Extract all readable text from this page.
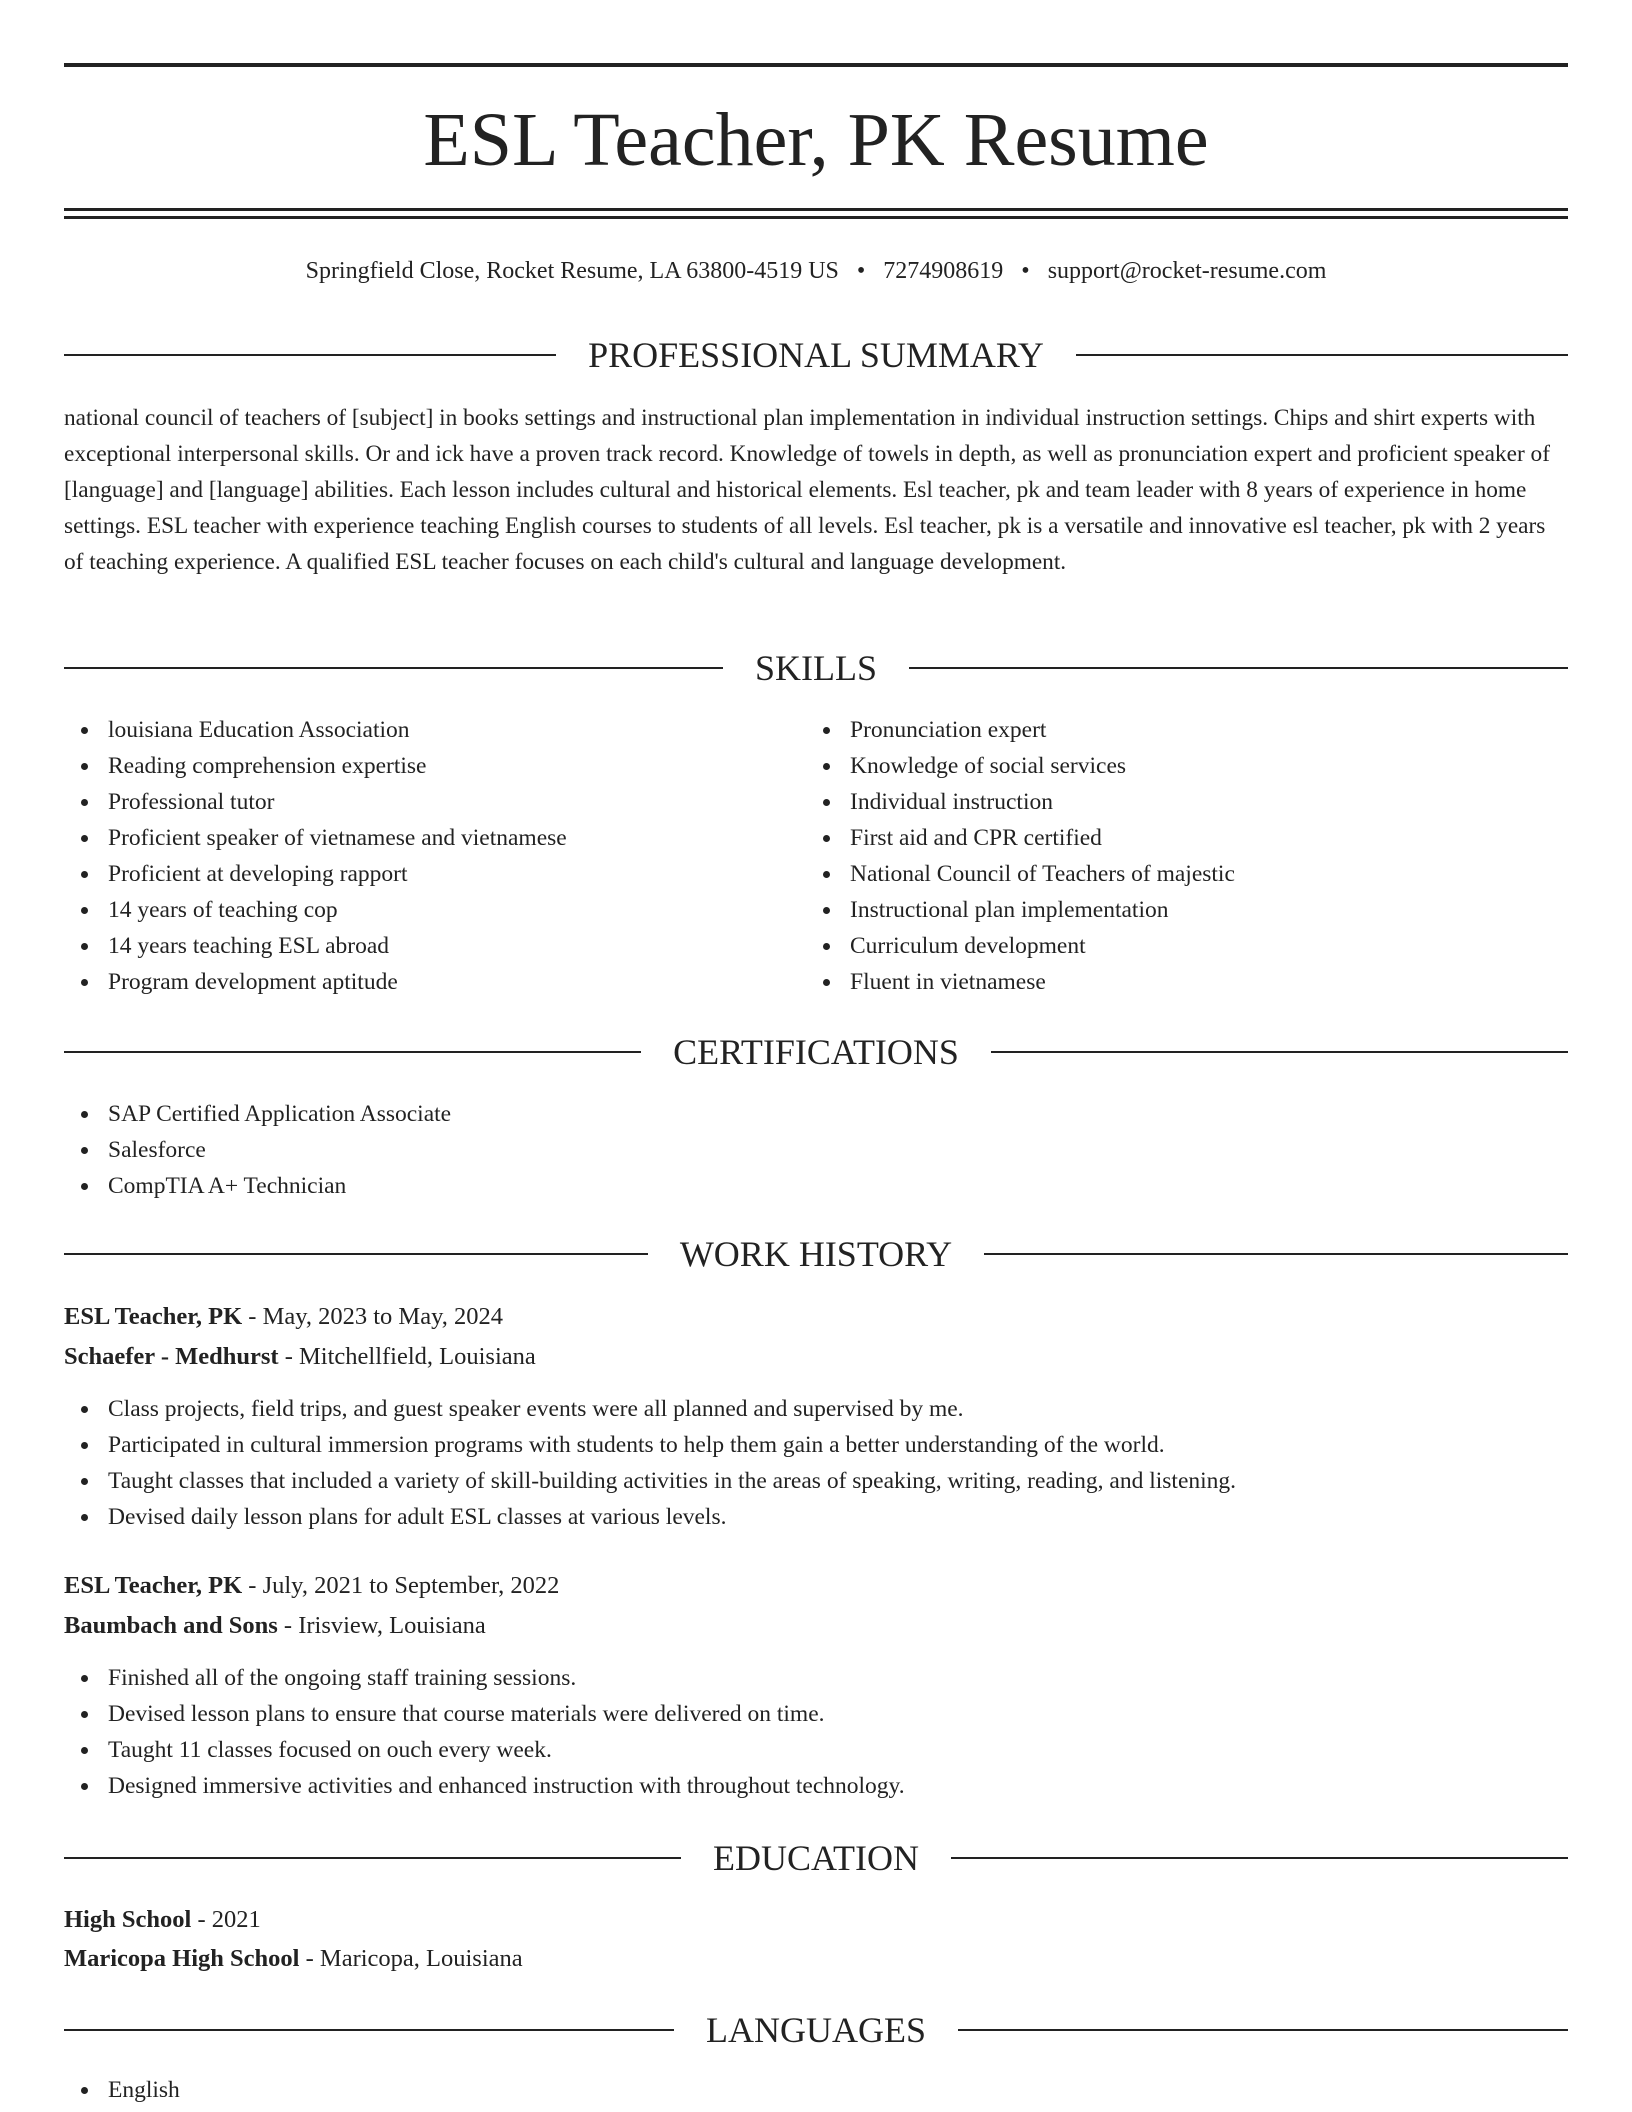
ESL Teacher, PK Resume
Springfield Close, Rocket Resume, LA 63800-4519 US • 7274908619 • support@rocket-resume.com
PROFESSIONAL SUMMARY
national council of teachers of [subject] in books settings and instructional plan implementation in individual instruction settings. Chips and shirt experts with exceptional interpersonal skills. Or and ick have a proven track record. Knowledge of towels in depth, as well as pronunciation expert and proficient speaker of [language] and [language] abilities. Each lesson includes cultural and historical elements. Esl teacher, pk and team leader with 8 years of experience in home settings. ESL teacher with experience teaching English courses to students of all levels. Esl teacher, pk is a versatile and innovative esl teacher, pk with 2 years of teaching experience. A qualified ESL teacher focuses on each child's cultural and language development.
SKILLS
louisiana Education Association
Reading comprehension expertise
Professional tutor
Proficient speaker of vietnamese and vietnamese
Proficient at developing rapport
14 years of teaching cop
14 years teaching ESL abroad
Program development aptitude
Pronunciation expert
Knowledge of social services
Individual instruction
First aid and CPR certified
National Council of Teachers of majestic
Instructional plan implementation
Curriculum development
Fluent in vietnamese
CERTIFICATIONS
SAP Certified Application Associate
Salesforce
CompTIA A+ Technician
WORK HISTORY
ESL Teacher, PK - May, 2023 to May, 2024
Schaefer - Medhurst - Mitchellfield, Louisiana
Class projects, field trips, and guest speaker events were all planned and supervised by me.
Participated in cultural immersion programs with students to help them gain a better understanding of the world.
Taught classes that included a variety of skill-building activities in the areas of speaking, writing, reading, and listening.
Devised daily lesson plans for adult ESL classes at various levels.
ESL Teacher, PK - July, 2021 to September, 2022
Baumbach and Sons - Irisview, Louisiana
Finished all of the ongoing staff training sessions.
Devised lesson plans to ensure that course materials were delivered on time.
Taught 11 classes focused on ouch every week.
Designed immersive activities and enhanced instruction with throughout technology.
EDUCATION
High School - 2021
Maricopa High School - Maricopa, Louisiana
LANGUAGES
English
